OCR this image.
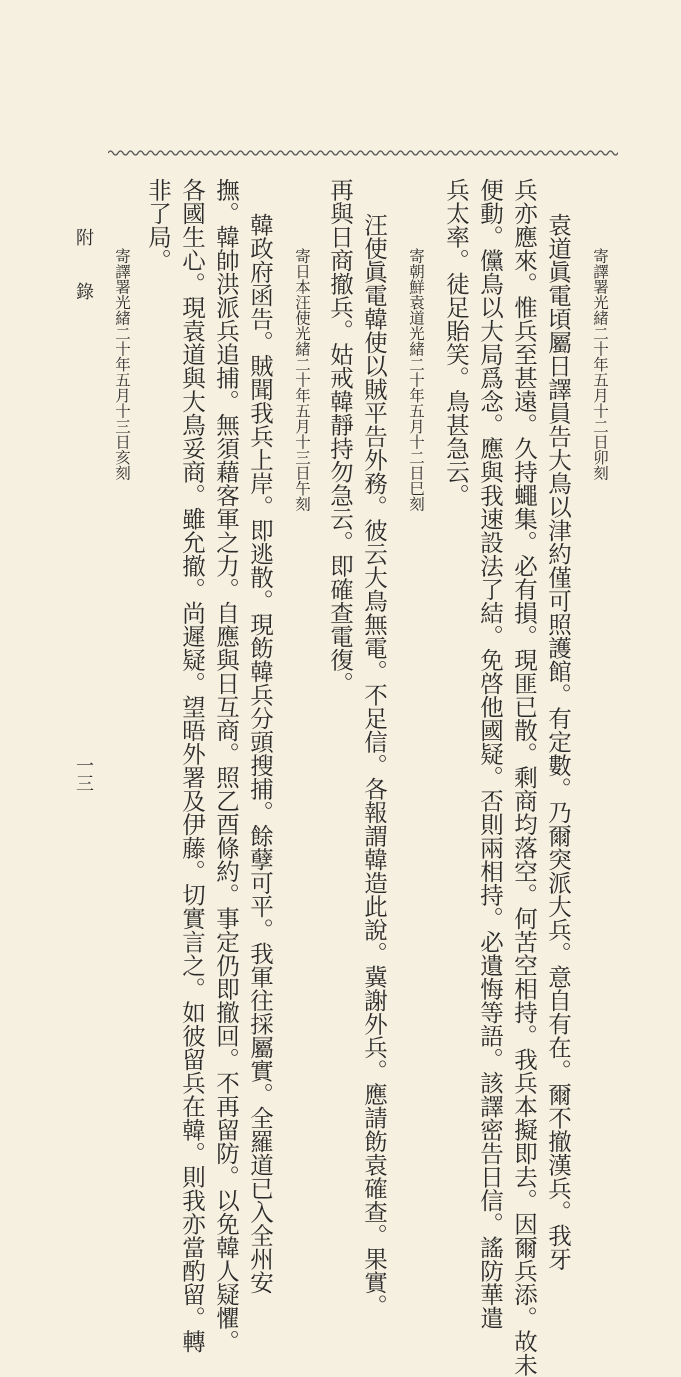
寄譯署光緒二十年五月十二日卯刻
袁道眞電頃屬日譯員告大鳥以津約僅可照護館。有定數。乃爾突派大兵。意自有在。爾不撤漢兵。我牙
兵亦應來。惟兵至甚遠。久持蠅集。必有損。現匪已散。剩商均落空。何苦空相持。我兵本擬即去。因爾兵添。故未
便動。儻鳥以大局爲念。應與我速設法了結。免啓他國疑。否則兩相持。必遺悔等語。該譯密告日信。謠防華遣
兵太率。徒足貽笑。鳥甚急云。
寄朝鮮袁道光緒二十年五月十二日巳刻
汪使眞電韓使以賊平告外務。彼云大鳥無電。不足信。各報謂韓造此說。冀謝外兵。應請飭袁確查。果實。
再與日商撤兵。姑戒韓靜持勿急云。即確查電復。
寄日本汪使光緒二十年五月十三日午刻
韓政府函告。賊聞我兵上岸。即逃散。現飭韓兵分頭搜捕。餘孽可平。我軍往採屬實。全羅道已入全州安
撫。韓帥洪派兵追捕。無須藉客軍之力。自應與日互商。照乙酉條約。事定仍即撤回。不再留防。以免韓人疑懼。
各國生心。現袁道與大鳥妥商。雖允撤。尚遲疑。望晤外署及伊藤。切實言之。如彼留兵在韓。則我亦當酌留。轉
非了局。
寄譯署光緒二十年五月十三日亥刻
附　　錄
一三
